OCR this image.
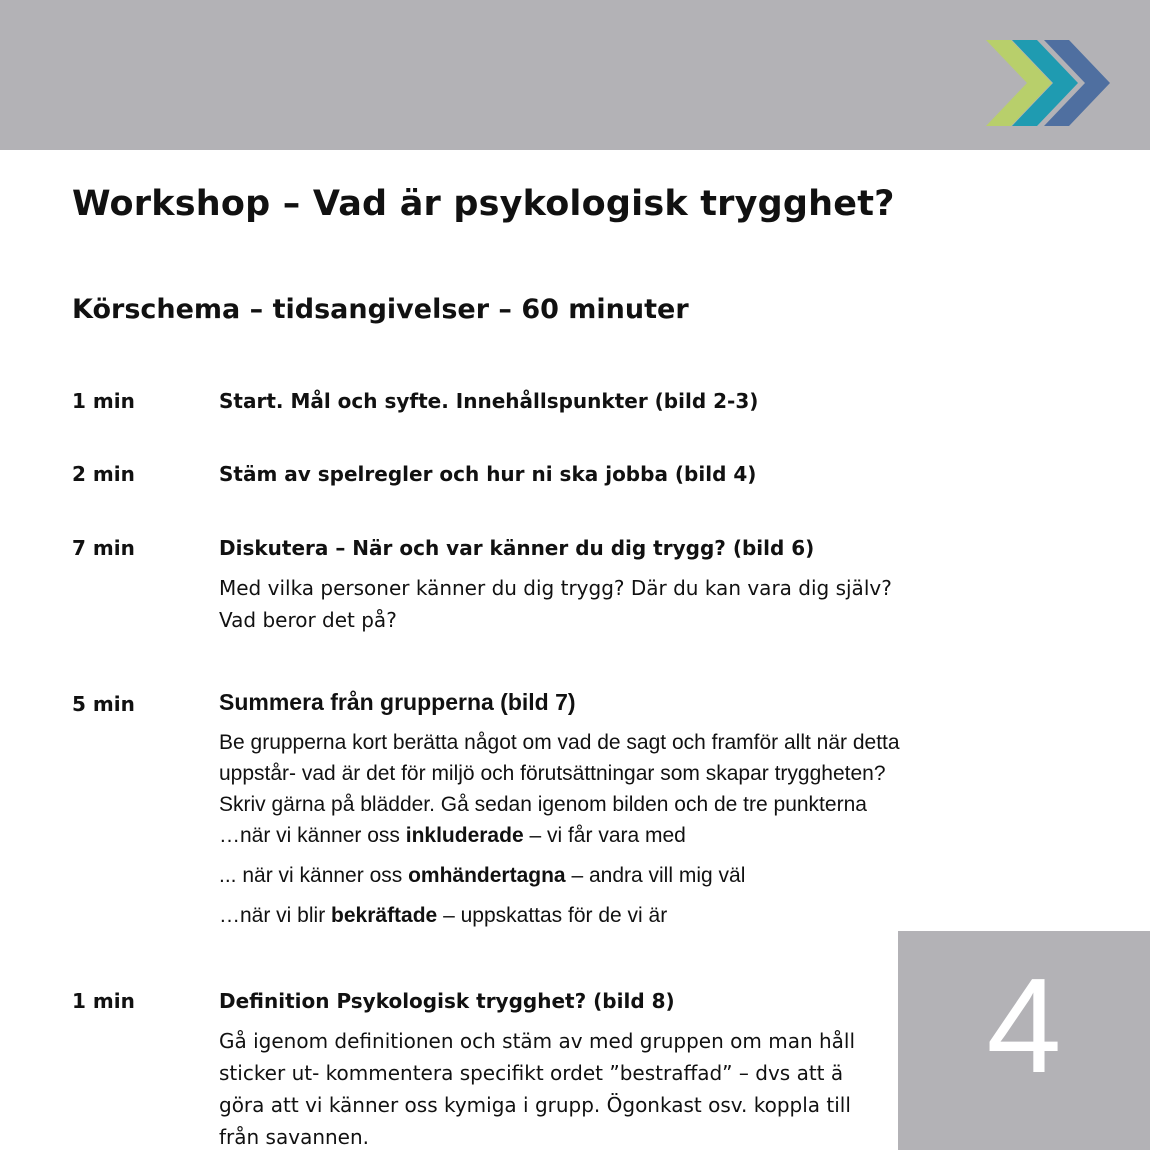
Workshop – Vad är psykologisk trygghet?
Körschema – tidsangivelser – 60 minuter
1 min	Start. Mål och syfte. Innehållspunkter (bild 2-3)
2 min	Stäm av spelregler och hur ni ska jobba (bild 4)
7 min	Diskutera – När och var känner du dig trygg? (bild 6)
Med vilka personer känner du dig trygg? Där du kan vara dig själv?
Vad beror det på?
5 min	Summera från grupperna (bild 7)
Be grupperna kort berätta något om vad de sagt och framför allt när detta
uppstår- vad är det för miljö och förutsättningar som skapar tryggheten?
Skriv gärna på blädder. Gå sedan igenom bilden och de tre punkterna
…när vi känner oss inkluderade – vi får vara med
... när vi känner oss omhändertagna – andra vill mig väl
…när vi blir bekräftade – uppskattas för de vi är
1 min	Definition Psykologisk trygghet? (bild 8)
Gå igenom definitionen och stäm av med gruppen om man håll
sticker ut- kommentera specifikt ordet ”bestraffad” – dvs att ä
göra att vi känner oss kymiga i grupp. Ögonkast osv. koppla till
från savannen.
4
